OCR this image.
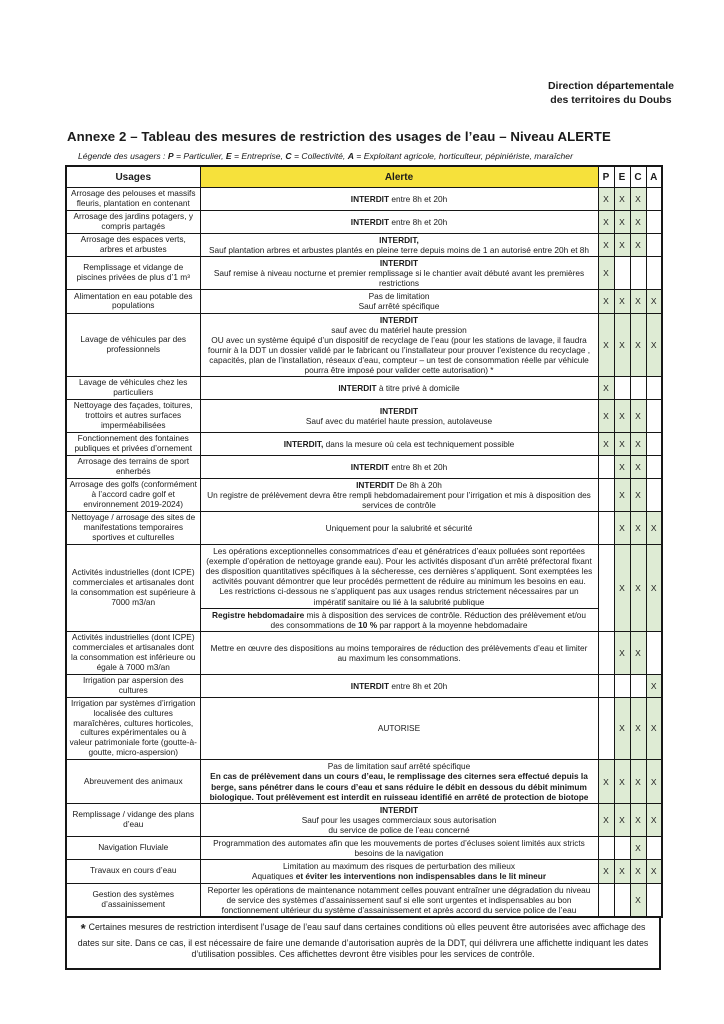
Direction départementale
des territoires du Doubs
Annexe 2 – Tableau des mesures de restriction des usages de l’eau – Niveau ALERTE
Légende des usagers : P = Particulier, E = Entreprise, C = Collectivité, A = Exploitant agricole, horticulteur, pépiniériste, maraîcher
Usages	Alerte	P	E	C	A
Arrosage des pelouses et massifs fleuris, plantation en contenant	INTERDIT entre 8h et 20h	X	X	X	
Arrosage des jardins potagers, y compris partagés	INTERDIT entre 8h et 20h	X	X	X	
Arrosage des espaces verts, arbres et arbustes	INTERDIT,
Sauf plantation arbres et arbustes plantés en pleine terre depuis moins de 1 an autorisé entre 20h et 8h	X	X	X	
Remplissage et vidange de piscines privées de plus d’1 m³	INTERDIT
Sauf remise à niveau nocturne et premier remplissage si le chantier avait débuté avant les premières restrictions	X			
Alimentation en eau potable des populations	Pas de limitation
Sauf arrêté spécifique	X	X	X	X
Lavage de véhicules par des professionnels	INTERDIT
sauf avec du matériel haute pression
OU avec un système équipé d’un dispositif de recyclage de l’eau (pour les stations de lavage, il faudra fournir à la DDT un dossier validé par le fabricant ou l’installateur pour prouver l’existence du recyclage , capacités, plan de l’installation, réseaux d’eau, compteur – un test de consommation réelle par véhicule pourra être imposé pour valider cette autorisation) *	X	X	X	X
Lavage de véhicules chez les particuliers	INTERDIT à titre privé à domicile	X			
Nettoyage des façades, toitures, trottoirs et autres surfaces imperméabilisées	INTERDIT
Sauf avec du matériel haute pression, autolaveuse	X	X	X	
Fonctionnement des fontaines publiques et privées d’ornement	INTERDIT, dans la mesure où cela est techniquement possible	X	X	X	
Arrosage des terrains de sport enherbés	INTERDIT entre 8h et 20h		X	X	
Arrosage des golfs (conformément à l’accord cadre golf et environnement 2019-2024)	INTERDIT De 8h à 20h
Un registre de prélèvement devra être rempli hebdomadairement pour l’irrigation et mis à disposition des services de contrôle		X	X	
Nettoyage / arrosage des sites de manifestations temporaires sportives et culturelles	Uniquement pour la salubrité et sécurité		X	X	X
Activités industrielles (dont ICPE) commerciales et artisanales dont la consommation est supérieure à 7000 m3/an	Les opérations exceptionnelles consommatrices d’eau et génératrices d’eaux polluées sont reportées (exemple d’opération de nettoyage grande eau). Pour les activités disposant d’un arrêté préfectoral fixant des disposition quantitatives spécifiques à la sécheresse, ces dernières s’appliquent. Sont exemptées les activités pouvant démontrer que leur procédés permettent de réduire au minimum les besoins en eau. Les restrictions ci-dessous ne s’appliquent pas aux usages rendus strictement nécessaires par un impératif sanitaire ou lié à la salubrité publique		X	X	X

	Registre hebdomadaire mis à disposition des services de contrôle. Réduction des prélèvement et/ou des consommations de 10 % par rapport à la moyenne hebdomadaire				

Activités industrielles (dont ICPE) commerciales et artisanales dont la consommation est inférieure ou égale à 7000 m3/an	Mettre en œuvre des dispositions au moins temporaires de réduction des prélèvements d’eau et limiter au maximum les consommations.		X	X	
Irrigation par aspersion des cultures	INTERDIT entre 8h et 20h				X
Irrigation par systèmes d’irrigation localisée des cultures maraîchères, cultures horticoles, cultures expérimentales ou à valeur patrimoniale forte (goutte-à-goutte, micro-aspersion)	AUTORISE		X	X	X
Abreuvement des animaux	Pas de limitation sauf arrêté spécifique
En cas de prélèvement dans un cours d’eau, le remplissage des citernes sera effectué depuis la berge, sans pénétrer dans le cours d’eau et sans réduire le débit en dessous du débit minimum biologique. Tout prélèvement est interdit en ruisseau identifié en arrêté de protection de biotope	X	X	X	X
Remplissage / vidange des plans d’eau	INTERDIT
Sauf pour les usages commerciaux sous autorisation
du service de police de l’eau concerné	X	X	X	X
Navigation Fluviale	Programmation des automates afin que les mouvements de portes d’écluses soient limités aux stricts besoins de la navigation			X	
Travaux en cours d’eau	Limitation au maximum des risques de perturbation des milieux
Aquatiques et éviter les interventions non indispensables dans le lit mineur	X	X	X	X
Gestion des systèmes d’assainissement	Reporter les opérations de maintenance notamment celles pouvant entraîner une dégradation du niveau de service des systèmes d’assainissement sauf si elle sont urgentes et indispensables au bon fonctionnement ultérieur du système d’assainissement et après accord du service police de l’eau			X	
* Certaines mesures de restriction interdisent l’usage de l’eau sauf dans certaines conditions où elles peuvent être autorisées avec affichage des dates sur site. Dans ce cas, il est nécessaire de faire une demande d’autorisation auprès de la DDT, qui délivrera une affichette indiquant les dates d’utilisation possibles. Ces affichettes devront être visibles pour les services de contrôle.
